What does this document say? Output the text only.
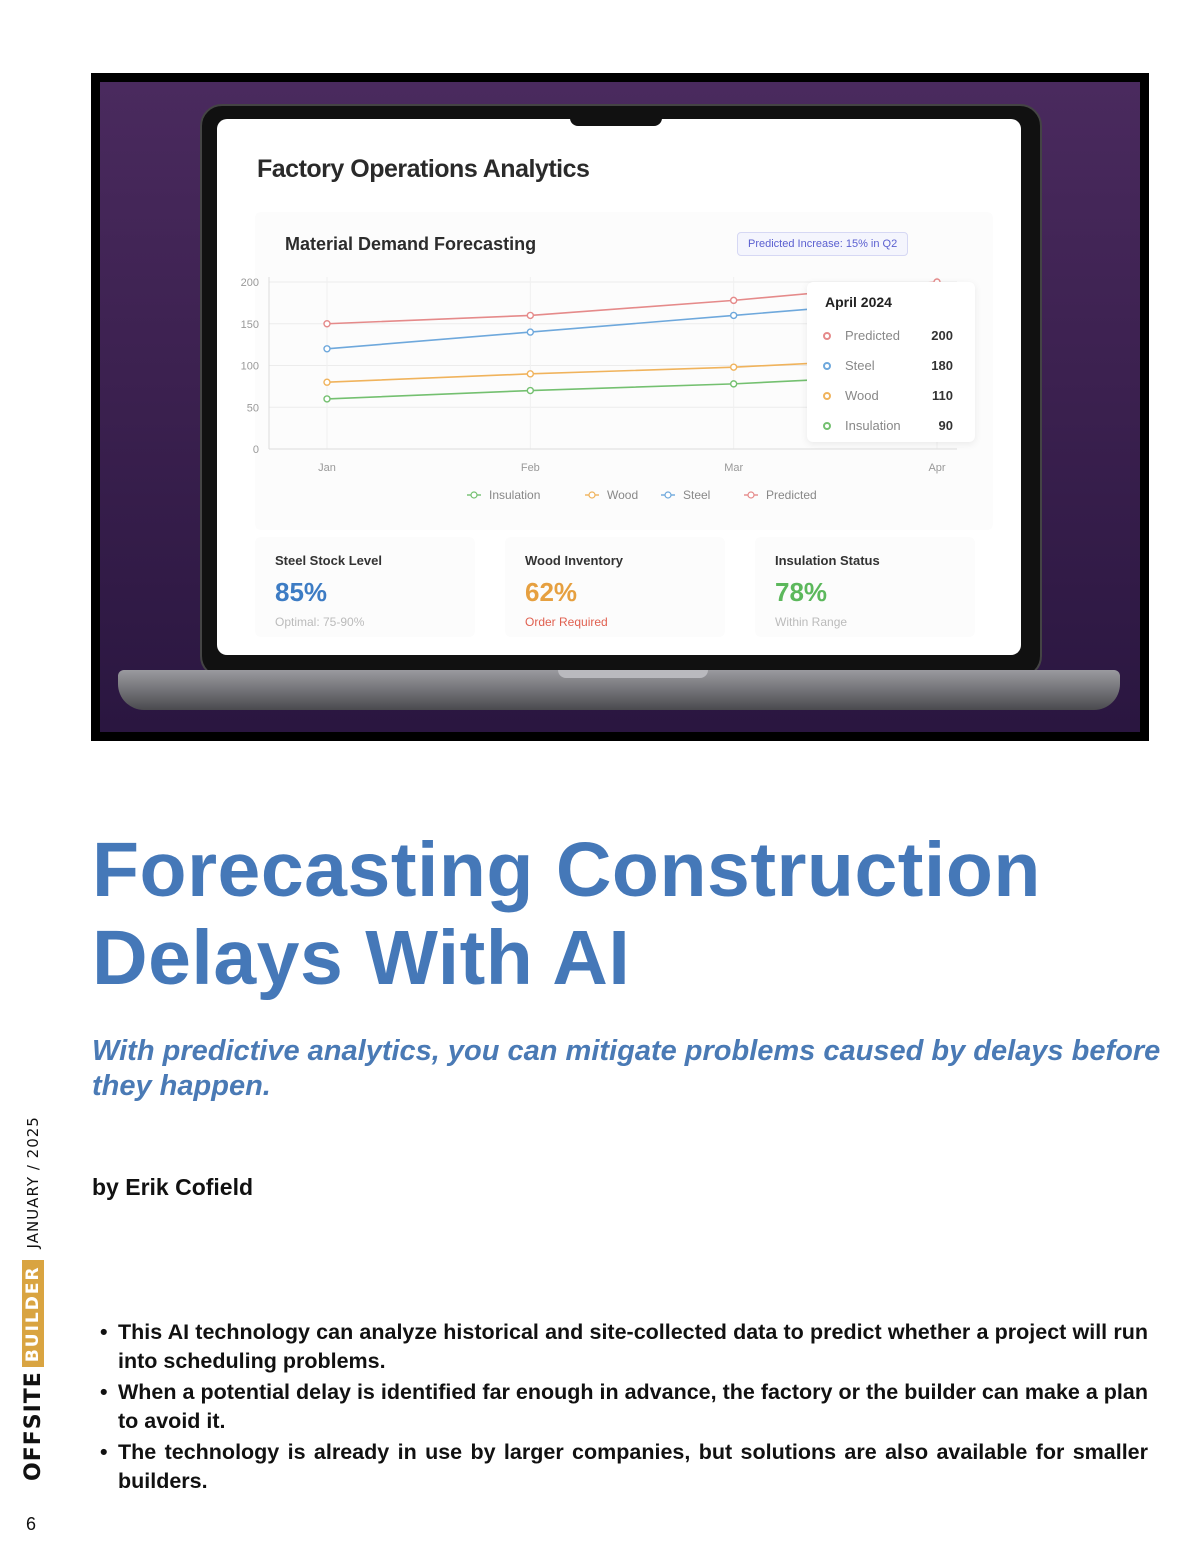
Factory Operations Analytics
Material Demand Forecasting	Predicted Increase: 15% in Q2
0
50
100
150
200
Jan	Feb	Mar	Apr
Insulation	Wood	Steel	Predicted
April 2024
Predicted 200
Steel	180
Wood	110
Insulation	90
Steel Stock Level
85%
Optimal: 75-90%
Wood Inventory
62%
Order Required
Insulation Status
78%
Within Range
Forecasting Construction
Delays With AI
With predictive analytics, you can mitigate problems caused by delays before they happen.
by Erik Cofield
• This AI technology can analyze historical and site-collected data to predict whether a project will run into scheduling problems.
• When a potential delay is identified far enough in advance, the factory or the builder can make a plan to avoid it.
• The technology is already in use by larger companies, but solutions are also available for smaller builders.
OFFSITE
BUILDER
JANUARY / 2025
6
